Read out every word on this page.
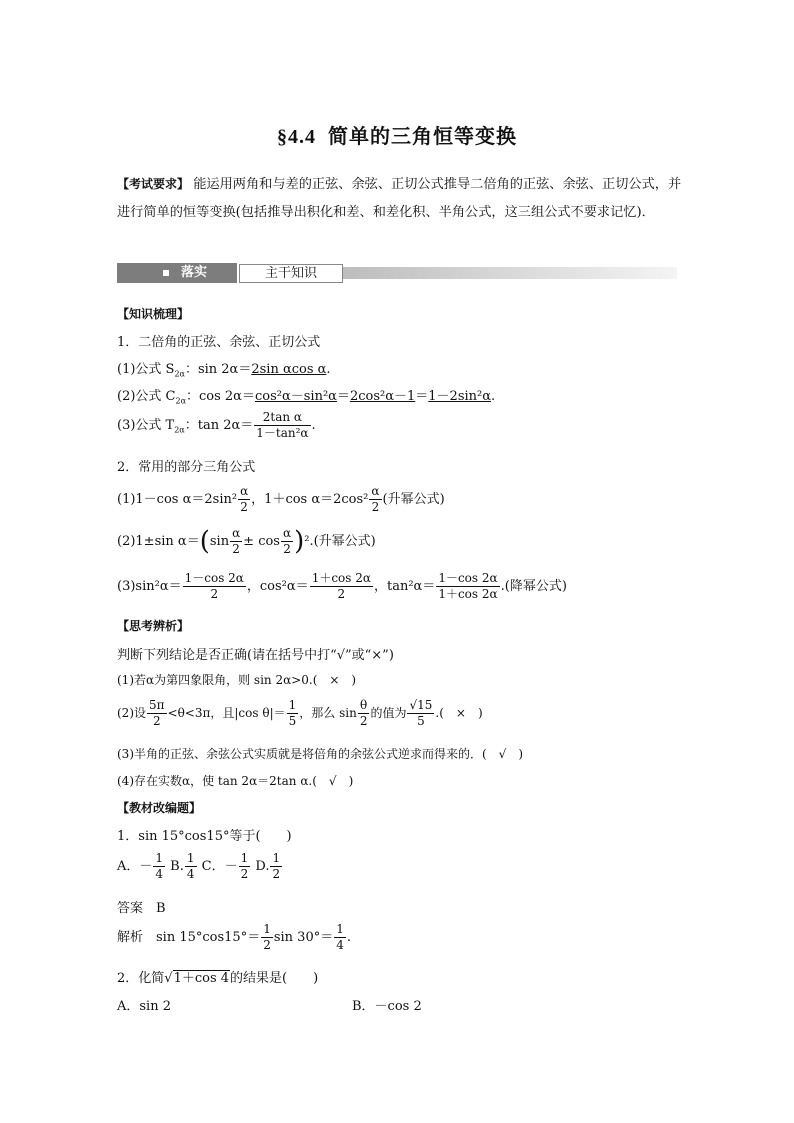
§4.4 简单的三角恒等变换
【考试要求】 能运用两角和与差的正弦、余弦、正切公式推导二倍角的正弦、余弦、正切公式，并进行简单的恒等变换(包括推导出积化和差、和差化积、半角公式，这三组公式不要求记忆)．
落实	主干知识
【知识梳理】
1．二倍角的正弦、余弦、正切公式
(1)公式 $S_{2\alpha}$：sin 2α＝2sin αcos α.
(2)公式 $C_{2\alpha}$：cos 2α＝cos²α－sin²α＝2cos²α－1＝1－2sin²α.
(3)公式 $T_{2\alpha}$：$\tan 2\alpha= \frac{\text{2tan α}}{\text{1－tan²α}}$ .
2．常用的部分三角公式
(1)1－cos $\alpha=2\sin^2 \frac{\alpha}{2}$ ，1＋cos $\alpha=2\cos^2 \frac{\alpha}{2}$ (升幂公式)
(2)1±sin $\alpha=(\sin \frac{\alpha}{2} \pm \cos \frac{\alpha}{2} )^2$.(升幂公式)
$(3)\sin^2\alpha= \frac{1-\cos 2\alpha}{2}$ ，$\cos^2\alpha= \frac{1+\cos 2\alpha}{2}$ ，$\tan^2\alpha= \frac{1-\cos 2\alpha}{1+\cos 2\alpha}$ .(降幂公式)
【思考辨析】
判断下列结论是否正确(请在括号中打“√”或“×”)
(1)若α为第四象限角，则 sin 2α>0.(　×　)
(2)设 $\frac{5\pi}{2} <\theta<3\pi$，且|cos $\theta|= \frac{1}{5}$ ，那么 $\sin \frac{\theta}{2}$ 的值为 $\frac{√15}{5}$ .(　×　)
(3)半角的正弦、余弦公式实质就是将倍角的余弦公式逆求而得来的．(　√　)
(4)存在实数α，使 tan 2α＝2tan α.(　√　)
【教材改编题】
1．sin 15°cos15°等于(　　)
A．－ $\frac{1}{4} B$. $\frac{1}{4}$ C．－ $\frac{1}{2} D$. $\frac{1}{2}$
答案　B
解析　$\sin 15^\circ\cos 15^\circ= \frac{1}{2}$ $\sin 30^\circ= \frac{1}{4}$ .
2．化简√1＋cos 4的结果是(　　)
A．sin 2	B．－cos 2
